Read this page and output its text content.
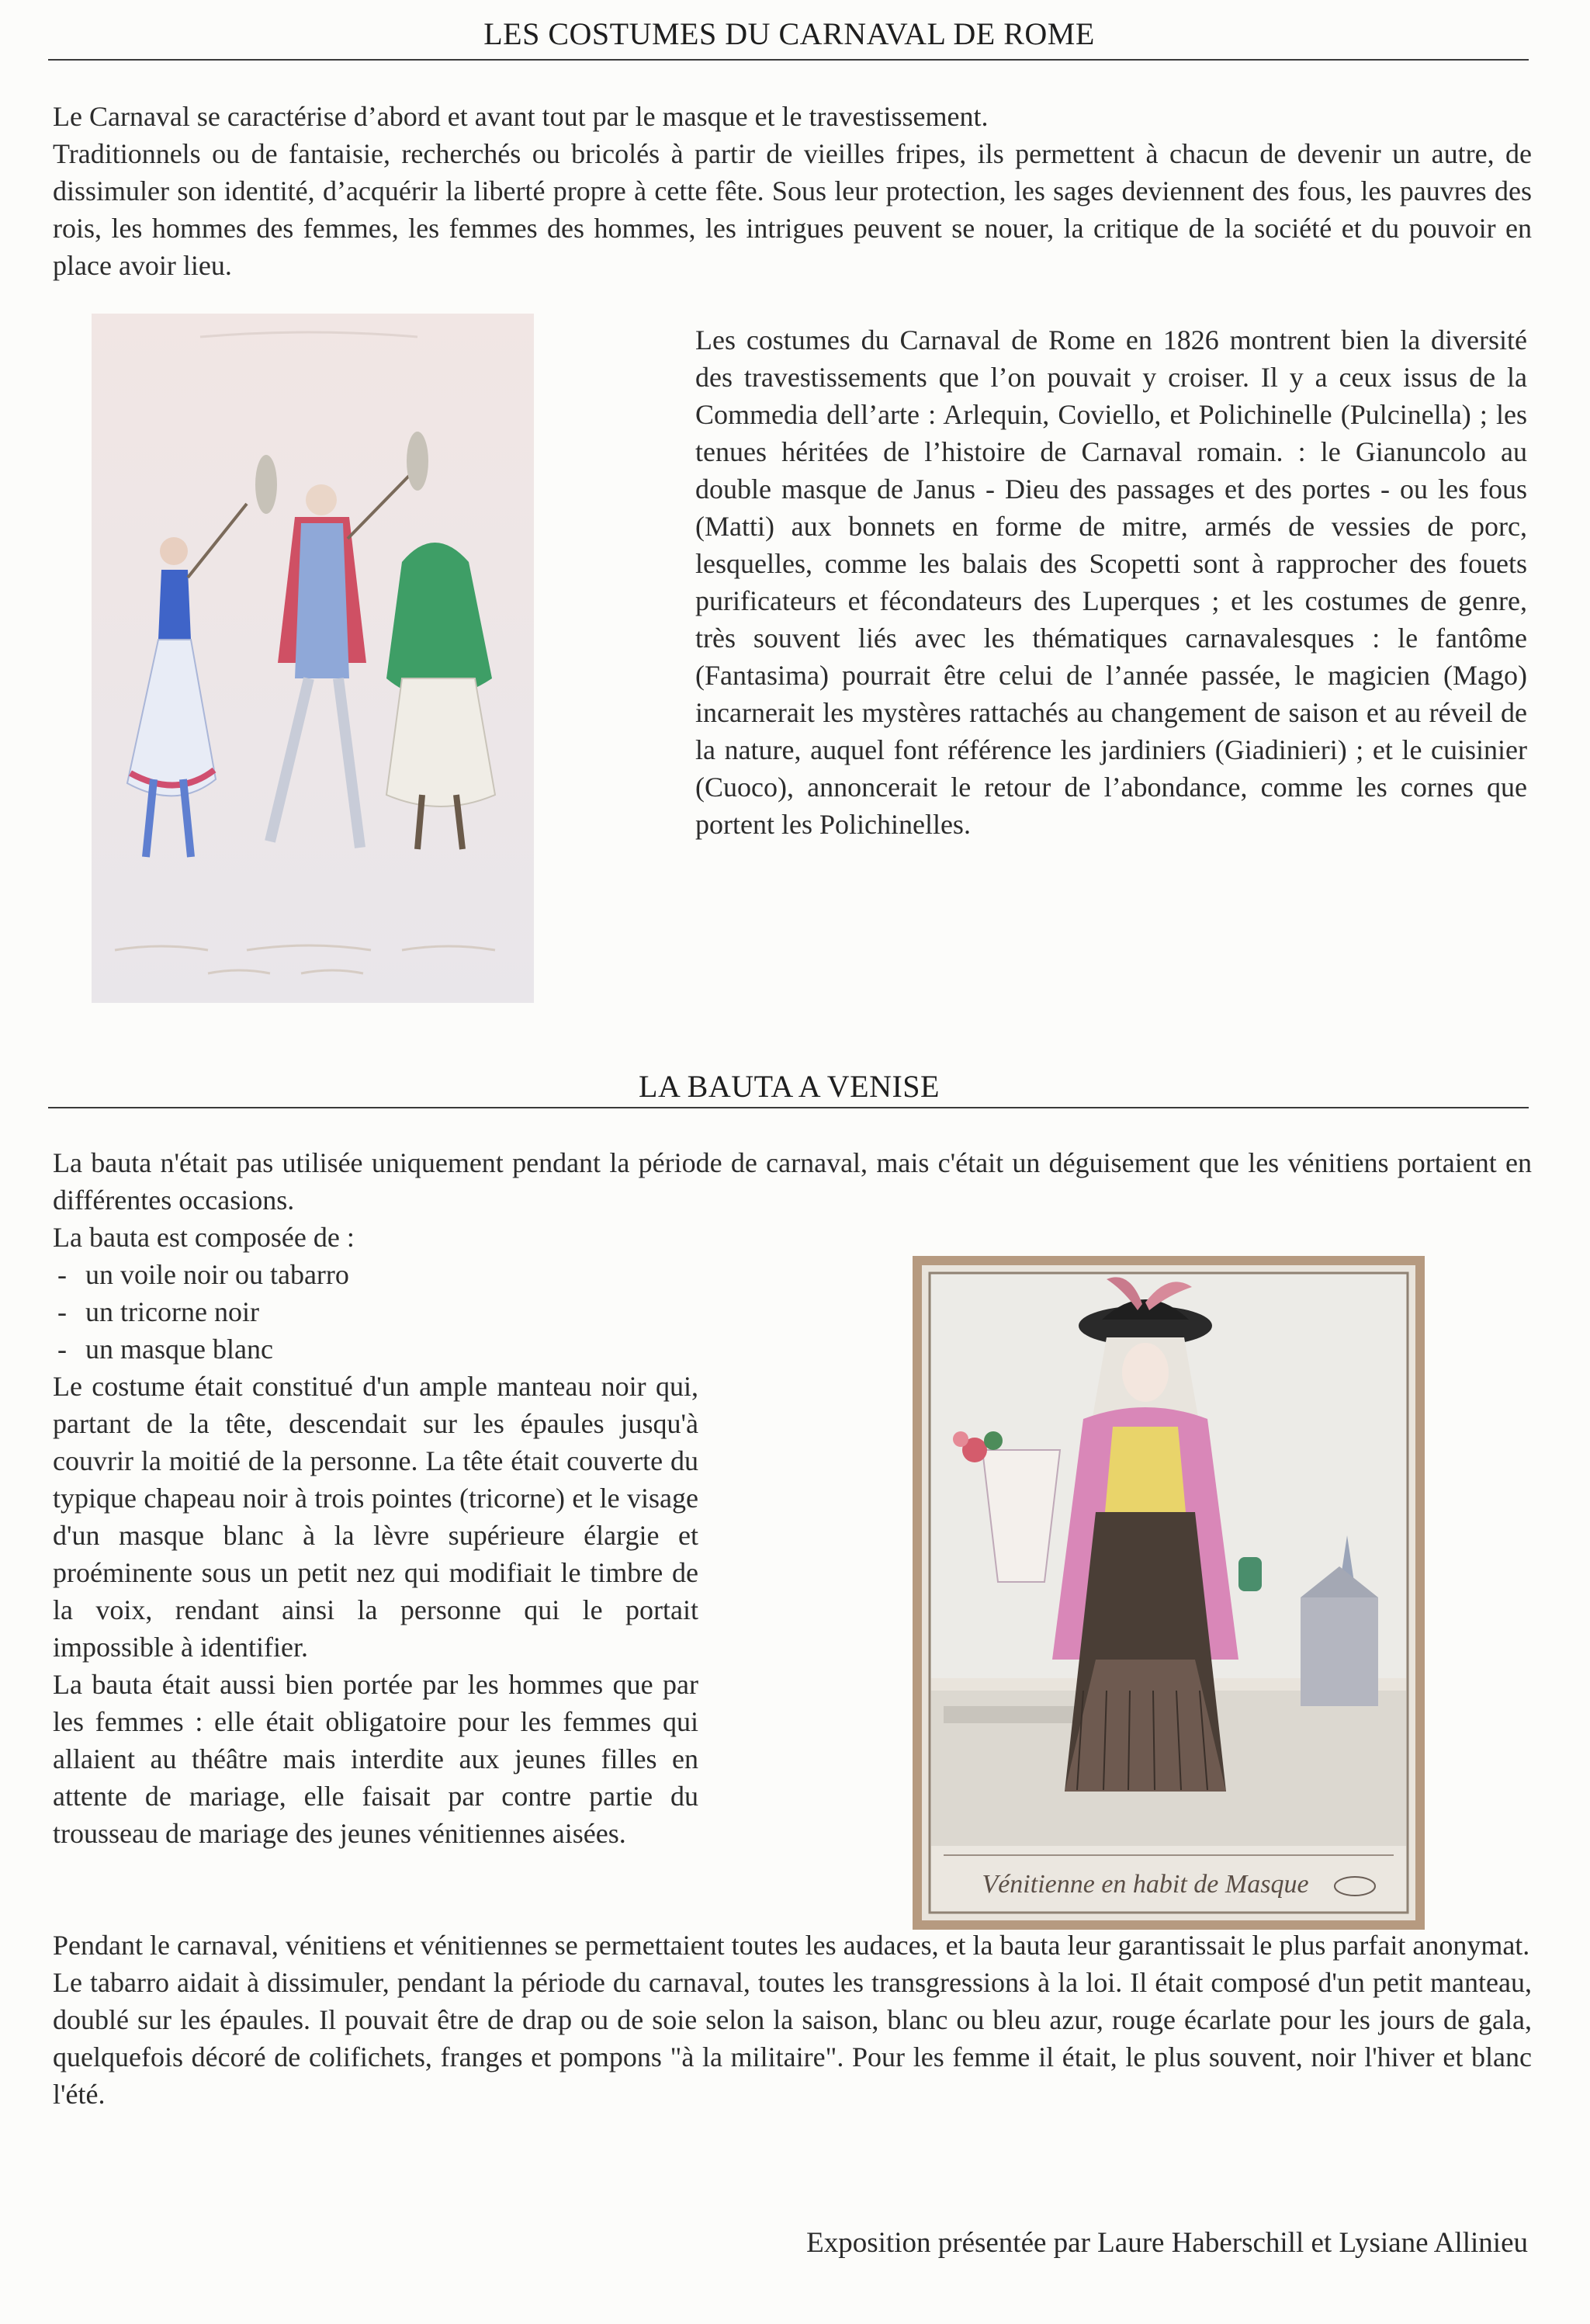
LES COSTUMES DU CARNAVAL DE ROME

Le Carnaval se caractérise d’abord et avant tout par le masque et le travestissement.

Traditionnels ou de fantaisie, recherchés ou bricolés à partir de vieilles fripes, ils permettent à chacun de devenir un autre, de dissimuler son identité, d’acquérir la liberté propre à cette fête. Sous leur protection, les sages deviennent des fous, les pauvres des rois, les hommes des femmes, les femmes des hommes, les intrigues peuvent se nouer, la critique de la société et du pouvoir en place avoir lieu.

Les costumes du Carnaval de Rome en 1826 montrent bien la diversité des travestissements que l’on pouvait y croiser. Il y a ceux issus de la Commedia dell’arte : Arlequin, Coviello, et Polichinelle (Pulcinella) ; les tenues héritées de l’histoire de Carnaval romain. : le Gianuncolo au double masque de Janus - Dieu des passages et des portes - ou les fous (Matti) aux bonnets en forme de mitre, armés de vessies de porc, lesquelles, comme les balais des Scopetti sont à rapprocher des fouets purificateurs et fécondateurs des Luperques ; et les costumes de genre, très souvent liés avec les thématiques carnavalesques : le fantôme (Fantasima) pourrait être celui de l’année passée, le magicien (Mago) incarnerait les mystères rattachés au changement de saison et au réveil de la nature, auquel font référence les jardiniers (Giadinieri) ; et le cuisinier (Cuoco), annoncerait le retour de l’abondance, comme les cornes que portent les Polichinelles.
LA BAUTA A VENISE
La bauta n'était pas utilisée uniquement pendant la période de carnaval, mais c'était un déguisement que les vénitiens portaient en différentes occasions.

La bauta est composée de :

- un voile noir ou tabarro
- un tricorne noir
- un masque blanc

Le costume était constitué d'un ample manteau noir qui, partant de la tête, descendait sur les épaules jusqu'à couvrir la moitié de la personne. La tête était couverte du typique chapeau noir à trois pointes (tricorne) et le visage d'un masque blanc à la lèvre supérieure élargie et proéminente sous un petit nez qui modifiait le timbre de la voix, rendant ainsi la personne qui le portait impossible à identifier.

La bauta était aussi bien portée par les hommes que par les femmes : elle était obligatoire pour les femmes qui allaient au théâtre mais interdite aux jeunes filles en attente de mariage, elle faisait par contre partie du trousseau de mariage des jeunes vénitiennes aisées.

Vénitienne en habit de Masque

Pendant le carnaval, vénitiens et vénitiennes se permettaient toutes les audaces, et la bauta leur garantissait le plus parfait anonymat.

Le tabarro aidait à dissimuler, pendant la période du carnaval, toutes les transgressions à la loi. Il était composé d'un petit manteau, doublé sur les épaules. Il pouvait être de drap ou de soie selon la saison, blanc ou bleu azur, rouge écarlate pour les jours de gala, quelquefois décoré de colifichets, franges et pompons "à la militaire". Pour les femme il était, le plus souvent, noir l'hiver et blanc l'été.

Exposition présentée par Laure Haberschill et Lysiane Allinieu
